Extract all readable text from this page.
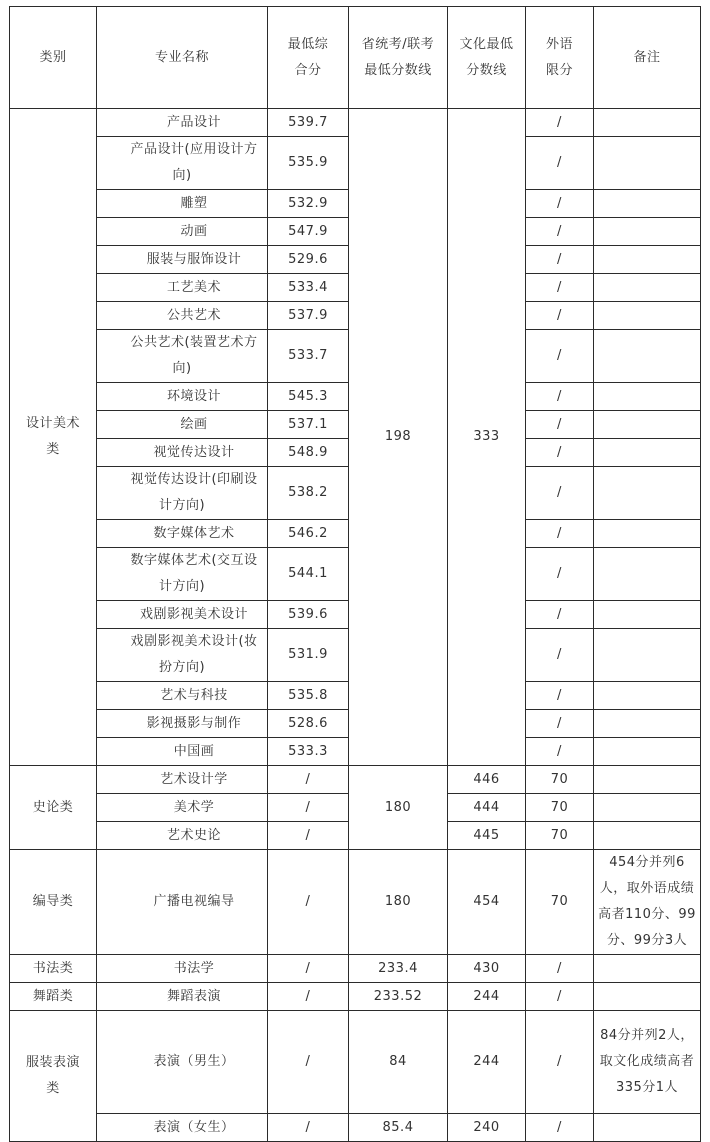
类别	专业名称	最低综合分	省统考/联考最低分数线	文化最低分数线	外语限分	备注
设计美术类	产品设计	539.7	198	333	/	
	产品设计(应用设计方向)	535.9			/	
	雕塑	532.9			/	
	动画	547.9			/	
	服装与服饰设计	529.6			/	
	工艺美术	533.4			/	
	公共艺术	537.9			/	
	公共艺术(装置艺术方向)	533.7			/	
	环境设计	545.3			/	
	绘画	537.1			/	
	视觉传达设计	548.9			/	
	视觉传达设计(印刷设计方向)	538.2			/	
	数字媒体艺术	546.2			/	
	数字媒体艺术(交互设计方向)	544.1			/	
	戏剧影视美术设计	539.6			/	
	戏剧影视美术设计(妆扮方向)	531.9			/	
	艺术与科技	535.8			/	
	影视摄影与制作	528.6			/	
	中国画	533.3			/	
史论类	艺术设计学	/	180	446	70	
	美术学	/		444	70	
	艺术史论	/		445	70	
编导类	广播电视编导	/	180	454	70	454分并列6人，取外语成绩高者110分、99分、99分3人
书法类	书法学	/	233.4	430	/	
舞蹈类	舞蹈表演	/	233.52	244	/	
服装表演类	表演（男生）	/	84	244	/	84分并列2人，取文化成绩高者335分1人
	表演（女生）	/	85.4	240	/	
